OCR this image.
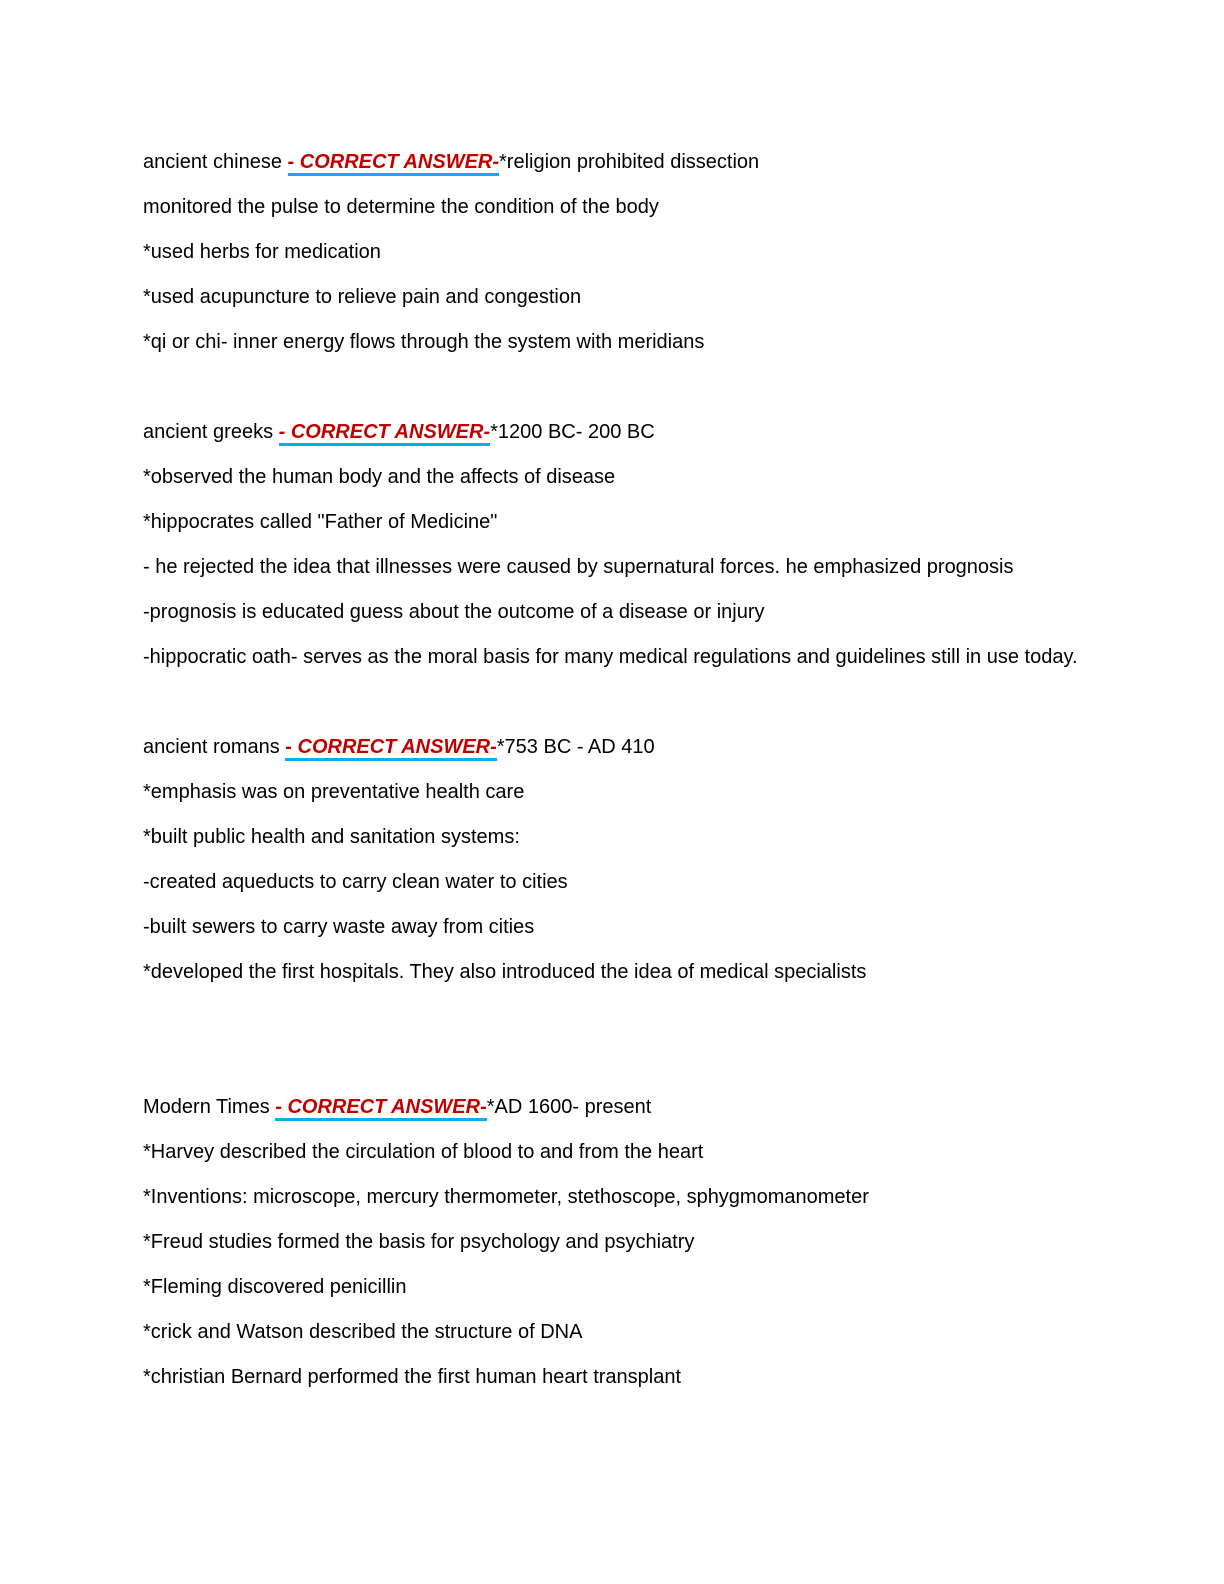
ancient chinese - CORRECT ANSWER-*religion prohibited dissection

monitored the pulse to determine the condition of the body

*used herbs for medication

*used acupuncture to relieve pain and congestion

*qi or chi- inner energy flows through the system with meridians

ancient greeks - CORRECT ANSWER-*1200 BC- 200 BC

*observed the human body and the affects of disease

*hippocrates called "Father of Medicine"

- he rejected the idea that illnesses were caused by supernatural forces. he emphasized prognosis

-prognosis is educated guess about the outcome of a disease or injury

-hippocratic oath- serves as the moral basis for many medical regulations and guidelines still in use today.

ancient romans - CORRECT ANSWER-*753 BC - AD 410

*emphasis was on preventative health care

*built public health and sanitation systems:

-created aqueducts to carry clean water to cities

-built sewers to carry waste away from cities

*developed the first hospitals. They also introduced the idea of medical specialists

Modern Times - CORRECT ANSWER-*AD 1600- present

*Harvey described the circulation of blood to and from the heart

*Inventions: microscope, mercury thermometer, stethoscope, sphygmomanometer

*Freud studies formed the basis for psychology and psychiatry

*Fleming discovered penicillin

*crick and Watson described the structure of DNA

*christian Bernard performed the first human heart transplant
